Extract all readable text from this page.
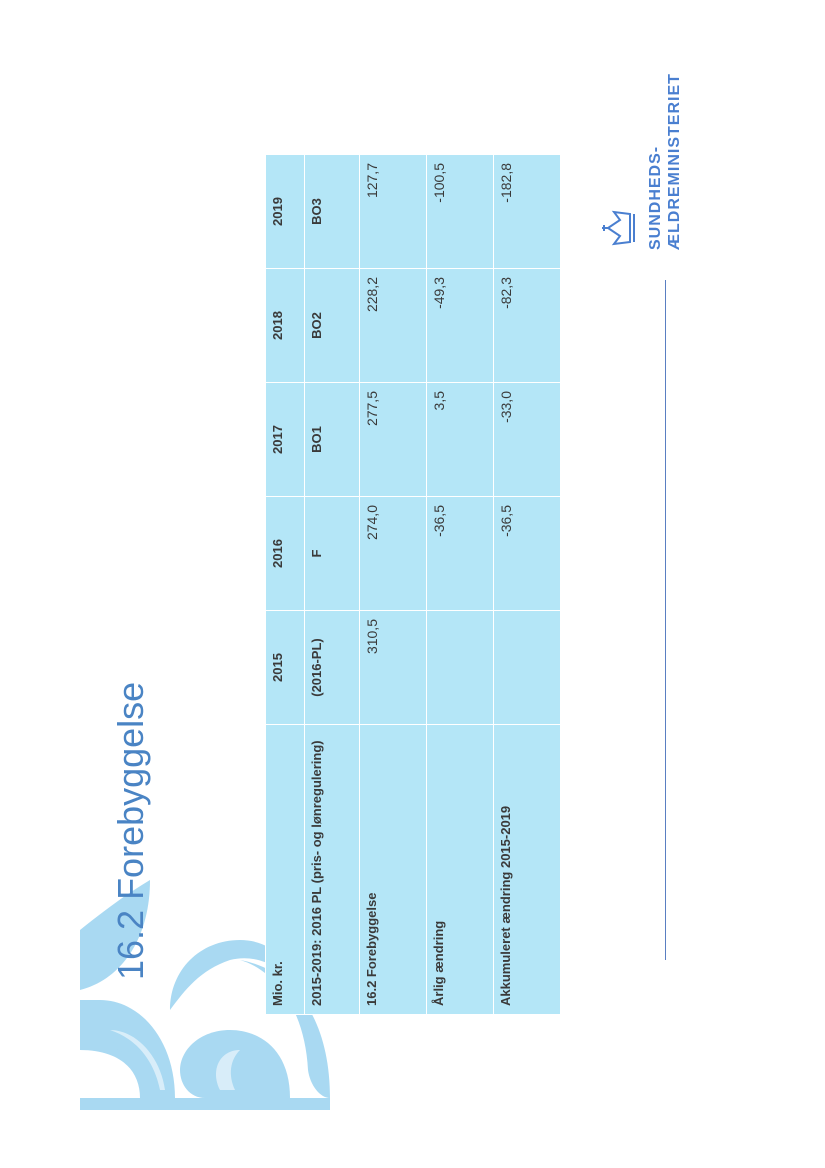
16.2 Forebyggelse
Mio. kr.	2015	2016	2017	2018	2019
2015-2019: 2016 PL (pris- og lønregulering)	(2016-PL)	F	BO1	BO2	BO3
16.2 Forebyggelse	310,5	274,0	277,5	228,2	127,7
Årlig ændring		-36,5	3,5	-49,3	-100,5
Akkumuleret ændring 2015-2019		-36,5	-33,0	-82,3	-182,8	SUNDHEDS- ÆLDREMINISTERIET
